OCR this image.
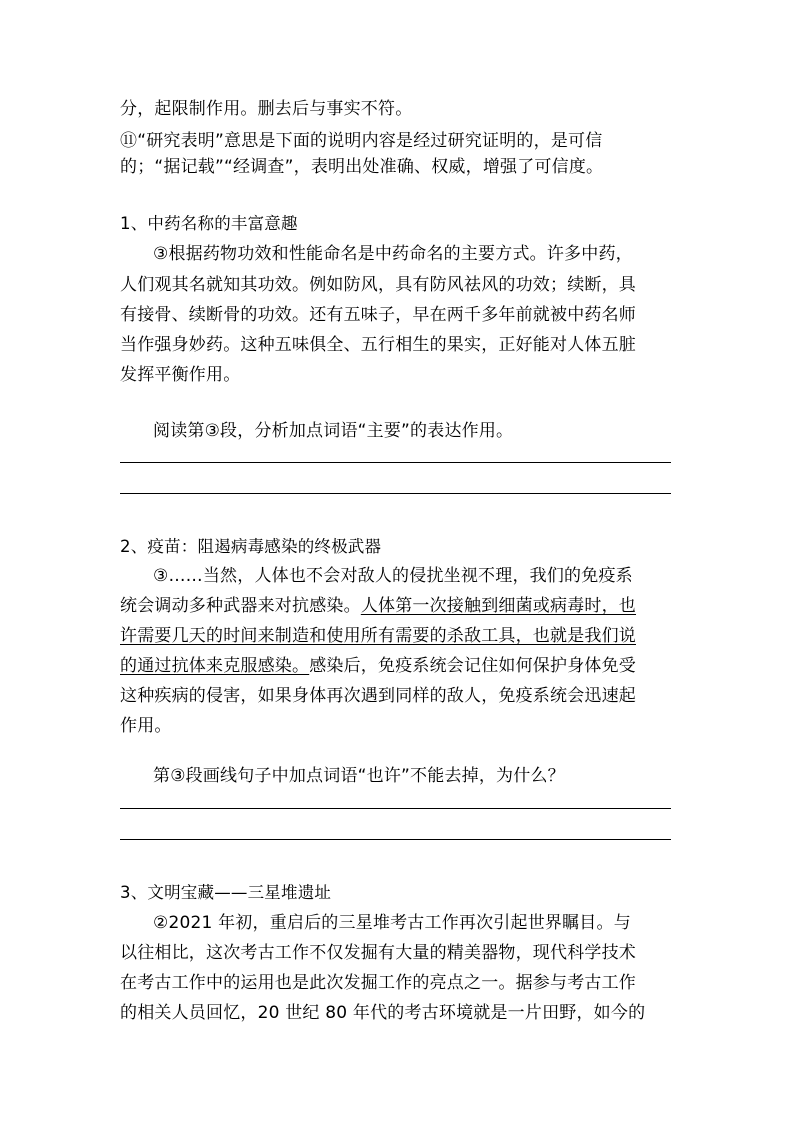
分，起限制作用。删去后与事实不符。
⑪“研究表明”意思是下面的说明内容是经过研究证明的，是可信
的；“据记载”“经调查”，表明出处准确、权威，增强了可信度。
1、中药名称的丰富意趣
③根据药物功效和性能命名是中药命名的主要方式。许多中药，
人们观其名就知其功效。例如防风，具有防风祛风的功效；续断，具
有接骨、续断骨的功效。还有五味子，早在两千多年前就被中药名师
当作强身妙药。这种五味俱全、五行相生的果实，正好能对人体五脏
发挥平衡作用。
阅读第③段，分析加点词语“主要”的表达作用。
2、疫苗：阻遏病毒感染的终极武器
③……当然，人体也不会对敌人的侵扰坐视不理，我们的免疫系
统会调动多种武器来对抗感染。人体第一次接触到细菌或病毒时，也
许需要几天的时间来制造和使用所有需要的杀敌工具，也就是我们说
的通过抗体来克服感染。感染后，免疫系统会记住如何保护身体免受
这种疾病的侵害，如果身体再次遇到同样的敌人，免疫系统会迅速起
作用。
第③段画线句子中加点词语“也许”不能去掉，为什么？
3、文明宝藏——三星堆遗址
②2021 年初，重启后的三星堆考古工作再次引起世界瞩目。与
以往相比，这次考古工作不仅发掘有大量的精美器物，现代科学技术
在考古工作中的运用也是此次发掘工作的亮点之一。据参与考古工作
的相关人员回忆，20 世纪 80 年代的考古环境就是一片田野，如今的
